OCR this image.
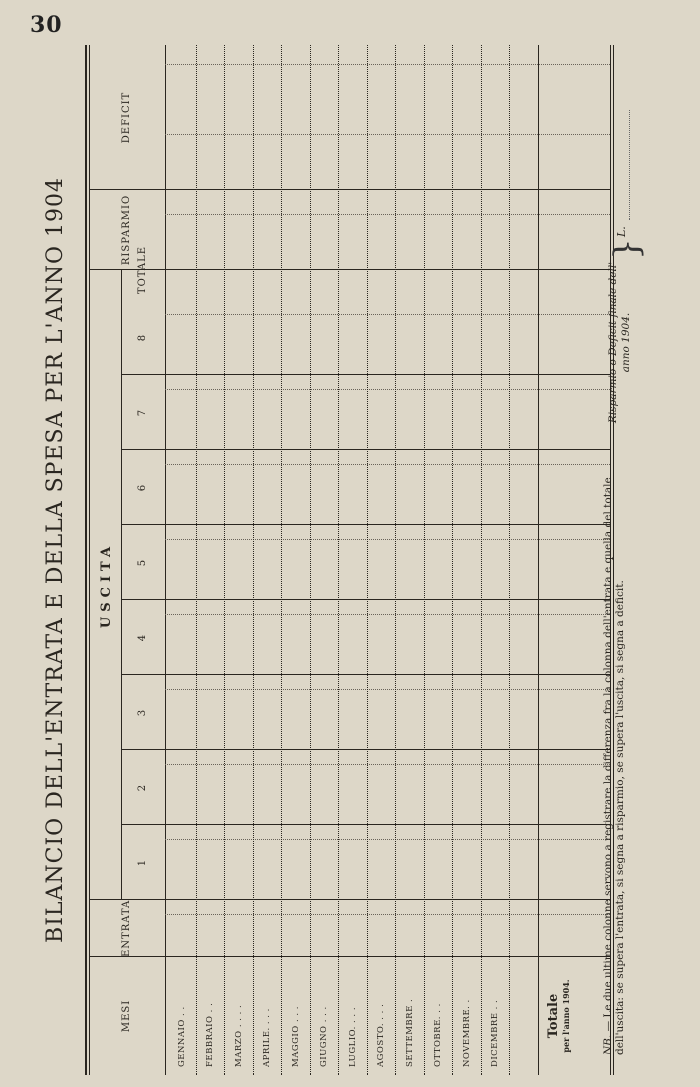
30
BILANCIO DELL'ENTRATA E DELLA SPESA PER L'ANNO 1904
MESI
ENTRATA
USCITA
1
2
3
4
5
6
7
8
TOTALE
RISPARMIO
DEFICIT
GENNAIO . . FEBBRAIO . . MARZO . . . . APRILE. . . . MAGGIO . . . GIUGNO . . . LUGLIO. . . . AGOSTO. . . . SETTEMBRE . OTTOBRE. . . NOVEMBRE. . DICEMBRE . .	Totale per l'anno 1904.	NB. — Le due ultime colonne servono a registrare la differenza fra la colonna dell'entrata e quella del totale dell'uscita: se supera l'entrata, si segna a risparmio, se supera l'uscita, si segna a deficit.
Risparmio o Deficit finale dell' anno 1904.
}
L.
